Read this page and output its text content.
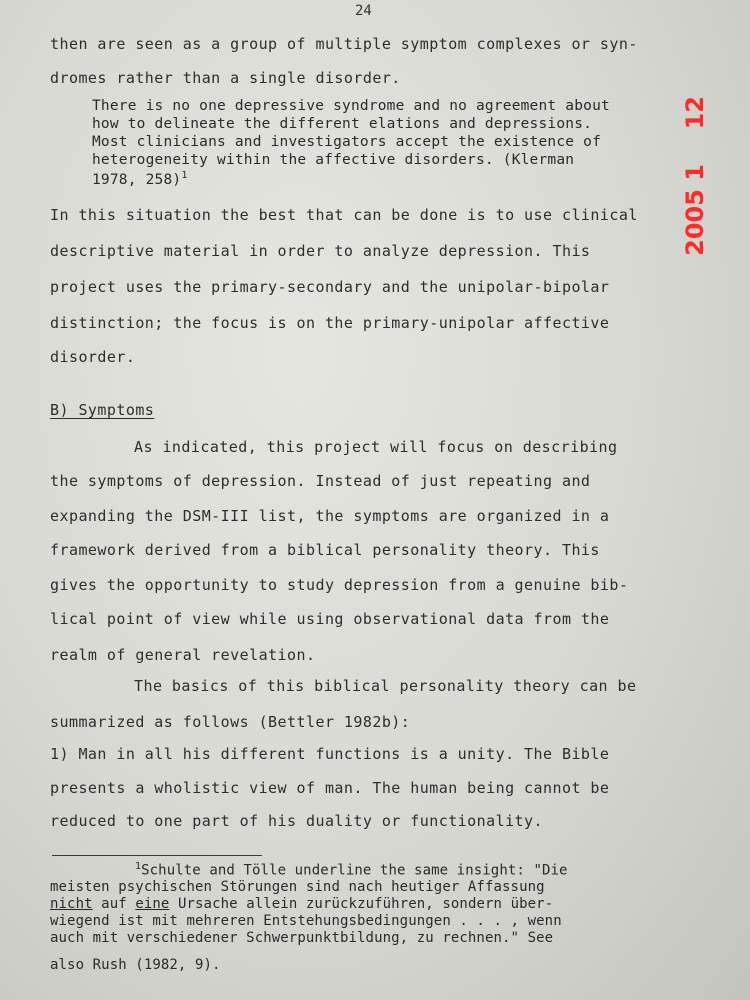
24
then are seen as a group of multiple symptom complexes or syn-
dromes rather than a single disorder.
There is no one depressive syndrome and no agreement about
how to delineate the different elations and depressions.
Most clinicians and investigators accept the existence of
heterogeneity within the affective disorders. (Klerman
1978, 258)$^1$
In this situation the best that can be done is to use clinical
descriptive material in order to analyze depression. This
project uses the primary-secondary and the unipolar-bipolar
distinction; the focus is on the primary-unipolar affective
disorder.
B) Symptoms
As indicated, this project will focus on describing
the symptoms of depression. Instead of just repeating and
expanding the DSM-III list, the symptoms are organized in a
framework derived from a biblical personality theory. This
gives the opportunity to study depression from a genuine bib-
lical point of view while using observational data from the
realm of general revelation.
The basics of this biblical personality theory can be
summarized as follows (Bettler 1982b):
1) Man in all his different functions is a unity. The Bible
presents a wholistic view of man. The human being cannot be
reduced to one part of his duality or functionality.
$^1$Schulte and Tölle underline the same insight: "Die
meisten psychischen Störungen sind nach heutiger Affassung
nicht auf eine Ursache allein zurückzuführen, sondern über-
wiegend ist mit mehreren Entstehungsbedingungen . . . , wenn
auch mit verschiedener Schwerpunktbildung, zu rechnen." See
also Rush (1982, 9).
12
2005 1
